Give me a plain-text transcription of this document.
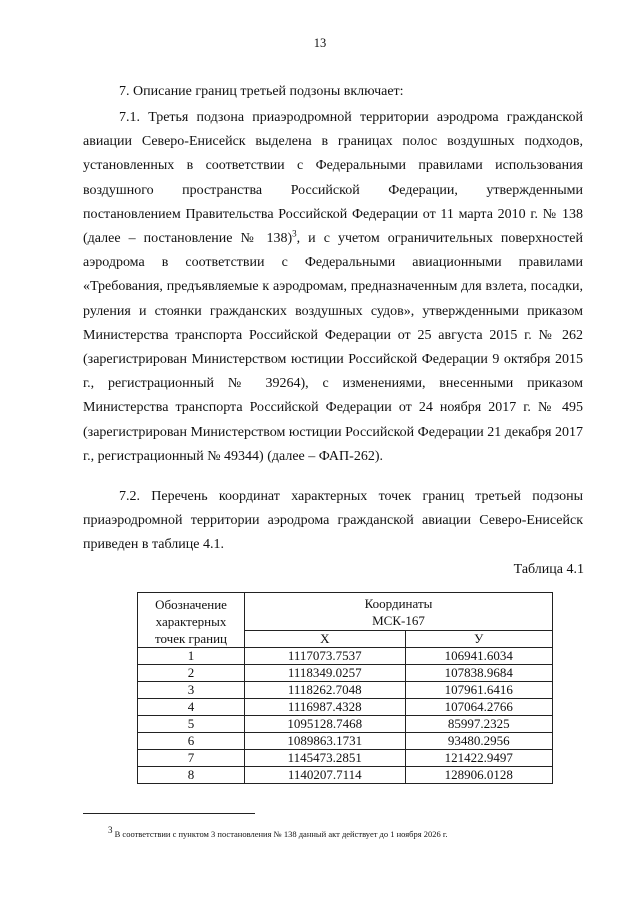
13
7. Описание границ третьей подзоны включает:
7.1. Третья подзона приаэродромной территории аэродрома гражданской авиации Северо-Енисейск выделена в границах полос воздушных подходов, установленных в соответствии с Федеральными правилами использования воздушного пространства Российской Федерации, утвержденными постановлением Правительства Российской Федерации от 11 марта 2010 г. № 138 (далее – постановление № 138)$^3$, и с учетом ограничительных поверхностей аэродрома в соответствии с Федеральными авиационными правилами «Требования, предъявляемые к аэродромам, предназначенным для взлета, посадки, руления и стоянки гражданских воздушных судов», утвержденными приказом Министерства транспорта Российской Федерации от 25 августа 2015 г. № 262 (зарегистрирован Министерством юстиции Российской Федерации 9 октября 2015 г., регистрационный № 39264), с изменениями, внесенными приказом Министерства транспорта Российской Федерации от 24 ноября 2017 г. № 495 (зарегистрирован Министерством юстиции Российской Федерации 21 декабря 2017 г., регистрационный № 49344) (далее – ФАП-262).
7.2. Перечень координат характерных точек границ третьей подзоны приаэродромной территории аэродрома гражданской авиации Северо-Енисейск приведен в таблице 4.1.
Таблица 4.1
Обозначение характерных точек границ	Координаты
МСК-167	

	X	У
1	1117073.7537	106941.6034
2	1118349.0257	107838.9684
3	1118262.7048	107961.6416
4	1116987.4328	107064.2766
5	1095128.7468	85997.2325
6	1089863.1731	93480.2956
7	1145473.2851	121422.9497
8	1140207.7114	128906.0128
$^3$ В соответствии с пунктом 3 постановления № 138 данный акт действует до 1 ноября 2026 г.
